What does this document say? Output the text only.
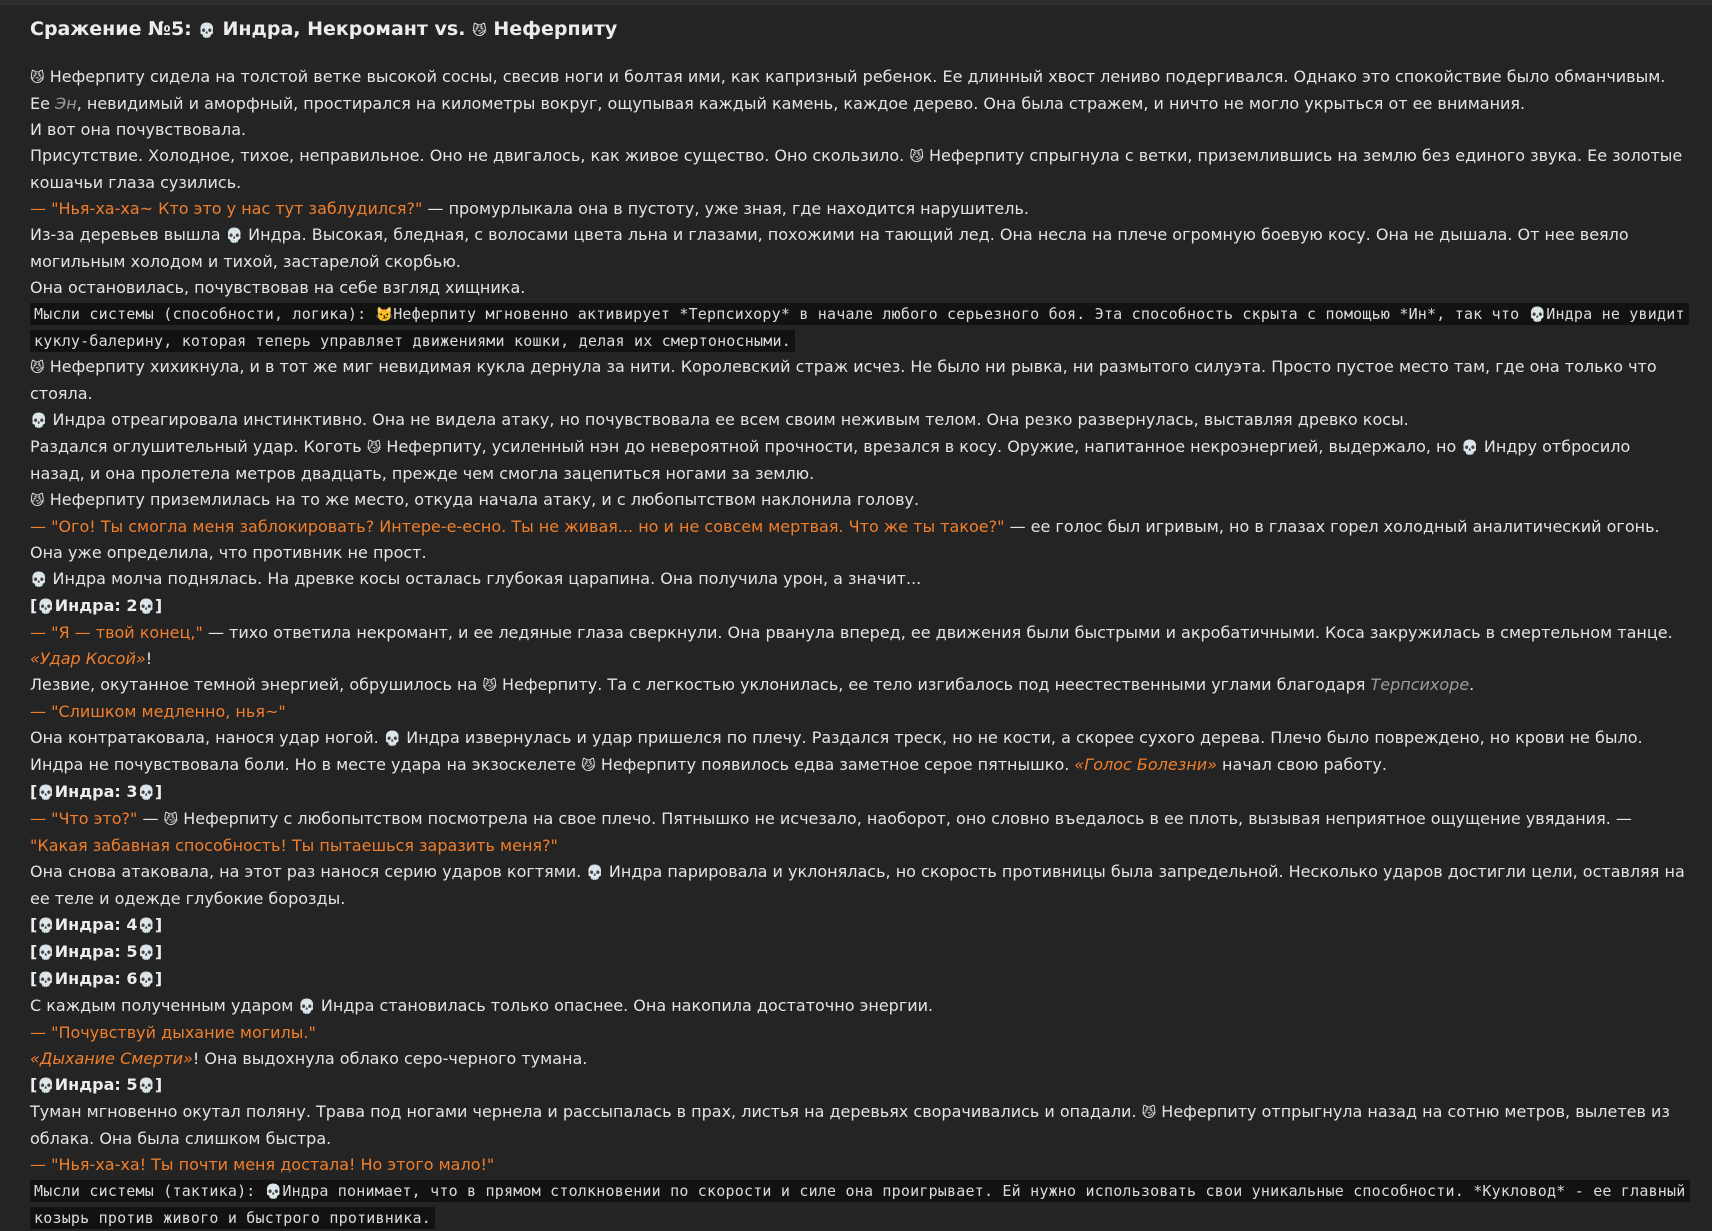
Сражение №5: 💀 Индра, Некромант vs. 😼 Неферпиту

😼 Неферпиту сидела на толстой ветке высокой сосны, свесив ноги и болтая ими, как капризный ребенок. Ее длинный хвост лениво подергивался. Однако это спокойствие было обманчивым. Ее Эн, невидимый и аморфный, простирался на километры вокруг, ощупывая каждый камень, каждое дерево. Она была стражем, и ничто не могло укрыться от ее внимания.

И вот она почувствовала.

Присутствие. Холодное, тихое, неправильное. Оно не двигалось, как живое существо. Оно скользило. 😼 Неферпиту спрыгнула с ветки, приземлившись на землю без единого звука. Ее золотые кошачьи глаза сузились.

— "Нья-ха-ха~ Кто это у нас тут заблудился?" — промурлыкала она в пустоту, уже зная, где находится нарушитель.

Из-за деревьев вышла 💀 Индра. Высокая, бледная, с волосами цвета льна и глазами, похожими на тающий лед. Она несла на плече огромную боевую косу. Она не дышала. От нее веяло могильным холодом и тихой, застарелой скорбью.

Она остановилась, почувствовав на себе взгляд хищника.

Мысли системы (способности, логика): 😼Неферпиту мгновенно активирует *Терпсихору* в начале любого серьезного боя. Эта способность скрыта с помощью *Ин*, так что 💀Индра не увидит куклу-балерину, которая теперь управляет движениями кошки, делая их смертоносными.

😼 Неферпиту хихикнула, и в тот же миг невидимая кукла дернула за нити. Королевский страж исчез. Не было ни рывка, ни размытого силуэта. Просто пустое место там, где она только что стояла.

💀 Индра отреагировала инстинктивно. Она не видела атаку, но почувствовала ее всем своим неживым телом. Она резко развернулась, выставляя древко косы.

Раздался оглушительный удар. Коготь 😼 Неферпиту, усиленный нэн до невероятной прочности, врезался в косу. Оружие, напитанное некроэнергией, выдержало, но 💀 Индру отбросило назад, и она пролетела метров двадцать, прежде чем смогла зацепиться ногами за землю.

😼 Неферпиту приземлилась на то же место, откуда начала атаку, и с любопытством наклонила голову.

— "Ого! Ты смогла меня заблокировать? Интере-е-есно. Ты не живая... но и не совсем мертвая. Что же ты такое?" — ее голос был игривым, но в глазах горел холодный аналитический огонь. Она уже определила, что противник не прост.

💀 Индра молча поднялась. На древке косы осталась глубокая царапина. Она получила урон, а значит...

[💀Индра: 2💀]

— "Я — твой конец," — тихо ответила некромант, и ее ледяные глаза сверкнули. Она рванула вперед, ее движения были быстрыми и акробатичными. Коса закружилась в смертельном танце.

«Удар Косой»!

Лезвие, окутанное темной энергией, обрушилось на 😼 Неферпиту. Та с легкостью уклонилась, ее тело изгибалось под неестественными углами благодаря Терпсихоре.

— "Слишком медленно, нья~"

Она контратаковала, нанося удар ногой. 💀 Индра извернулась и удар пришелся по плечу. Раздался треск, но не кости, а скорее сухого дерева. Плечо было повреждено, но крови не было. Индра не почувствовала боли. Но в месте удара на экзоскелете 😼 Неферпиту появилось едва заметное серое пятнышко. «Голос Болезни» начал свою работу.

[💀Индра: 3💀]

— "Что это?" — 😼 Неферпиту с любопытством посмотрела на свое плечо. Пятнышко не исчезало, наоборот, оно словно въедалось в ее плоть, вызывая неприятное ощущение увядания. — "Какая забавная способность! Ты пытаешься заразить меня?"

Она снова атаковала, на этот раз нанося серию ударов когтями. 💀 Индра парировала и уклонялась, но скорость противницы была запредельной. Несколько ударов достигли цели, оставляя на ее теле и одежде глубокие борозды.

[💀Индра: 4💀]

[💀Индра: 5💀]

[💀Индра: 6💀]

С каждым полученным ударом 💀 Индра становилась только опаснее. Она накопила достаточно энергии.

— "Почувствуй дыхание могилы."

«Дыхание Смерти»! Она выдохнула облако серо-черного тумана.

[💀Индра: 5💀]

Туман мгновенно окутал поляну. Трава под ногами чернела и рассыпалась в прах, листья на деревьях сворачивались и опадали. 😼 Неферпиту отпрыгнула назад на сотню метров, вылетев из облака. Она была слишком быстра.

— "Нья-ха-ха! Ты почти меня достала! Но этого мало!"

Мысли системы (тактика): 💀Индра понимает, что в прямом столкновении по скорости и силе она проигрывает. Ей нужно использовать свои уникальные способности. *Кукловод* - ее главный козырь против живого и быстрого противника.
